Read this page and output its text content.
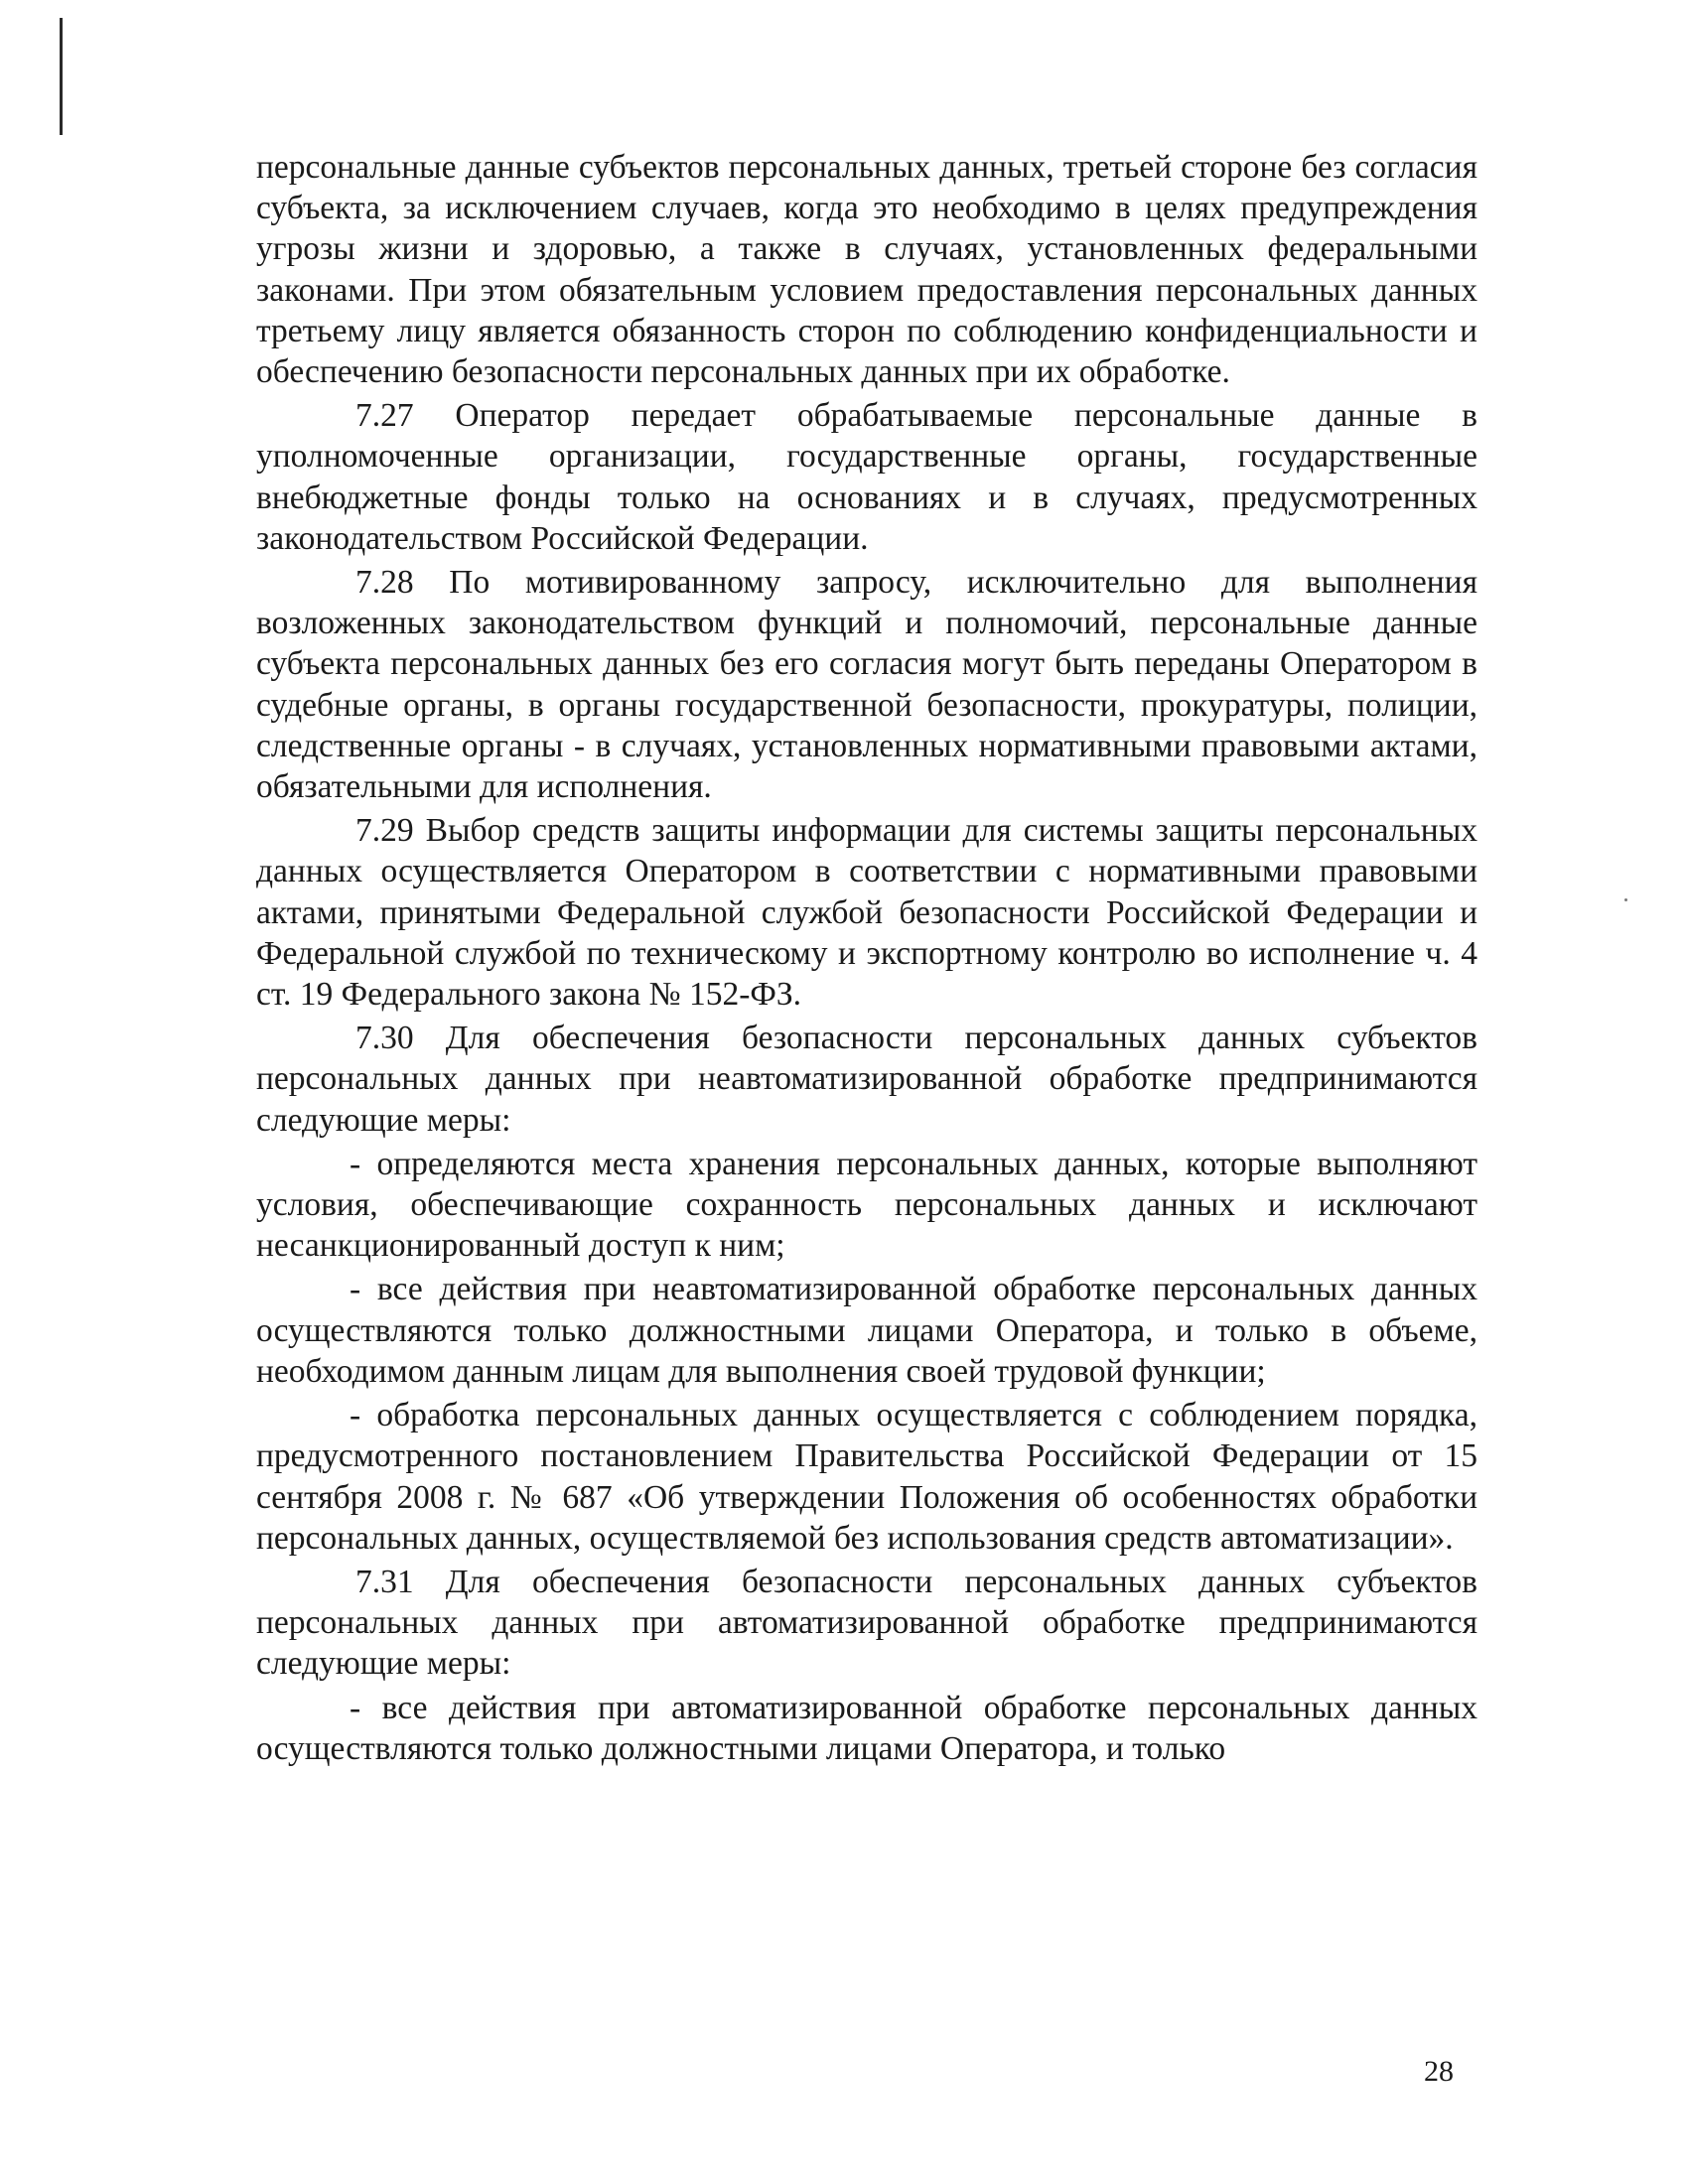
персональные данные субъектов персональных данных, третьей стороне без согласия субъекта, за исключением случаев, когда это необходимо в целях предупреждения угрозы жизни и здоровью, а также в случаях, установленных федеральными законами. При этом обязательным условием предоставления персональных данных третьему лицу является обязанность сторон по соблюдению конфиденциальности и обеспечению безопасности персональных данных при их обработке.

7.27 Оператор передает обрабатываемые персональные данные в уполномоченные организации, государственные органы, государственные внебюджетные фонды только на основаниях и в случаях, предусмотренных законодательством Российской Федерации.

7.28 По мотивированному запросу, исключительно для выполнения возложенных законодательством функций и полномочий, персональные данные субъекта персональных данных без его согласия могут быть переданы Оператором в судебные органы, в органы государственной безопасности, прокуратуры, полиции, следственные органы - в случаях, установленных нормативными правовыми актами, обязательными для исполнения.

7.29 Выбор средств защиты информации для системы защиты персональных данных осуществляется Оператором в соответствии с нормативными правовыми актами, принятыми Федеральной службой безопасности Российской Федерации и Федеральной службой по техническому и экспортному контролю во исполнение ч. 4 ст. 19 Федерального закона № 152-ФЗ.

7.30 Для обеспечения безопасности персональных данных субъектов персональных данных при неавтоматизированной обработке предпринимаются следующие меры:

- определяются места хранения персональных данных, которые выполняют условия, обеспечивающие сохранность персональных данных и исключают несанкционированный доступ к ним;

- все действия при неавтоматизированной обработке персональных данных осуществляются только должностными лицами Оператора, и только в объеме, необходимом данным лицам для выполнения своей трудовой функции;

- обработка персональных данных осуществляется с соблюдением порядка, предусмотренного постановлением Правительства Российской Федерации от 15 сентября 2008 г. № 687 «Об утверждении Положения об особенностях обработки персональных данных, осуществляемой без использования средств автоматизации».

7.31 Для обеспечения безопасности персональных данных субъектов персональных данных при автоматизированной обработке предпринимаются следующие меры:

- все действия при автоматизированной обработке персональных данных осуществляются только должностными лицами Оператора, и только

28
